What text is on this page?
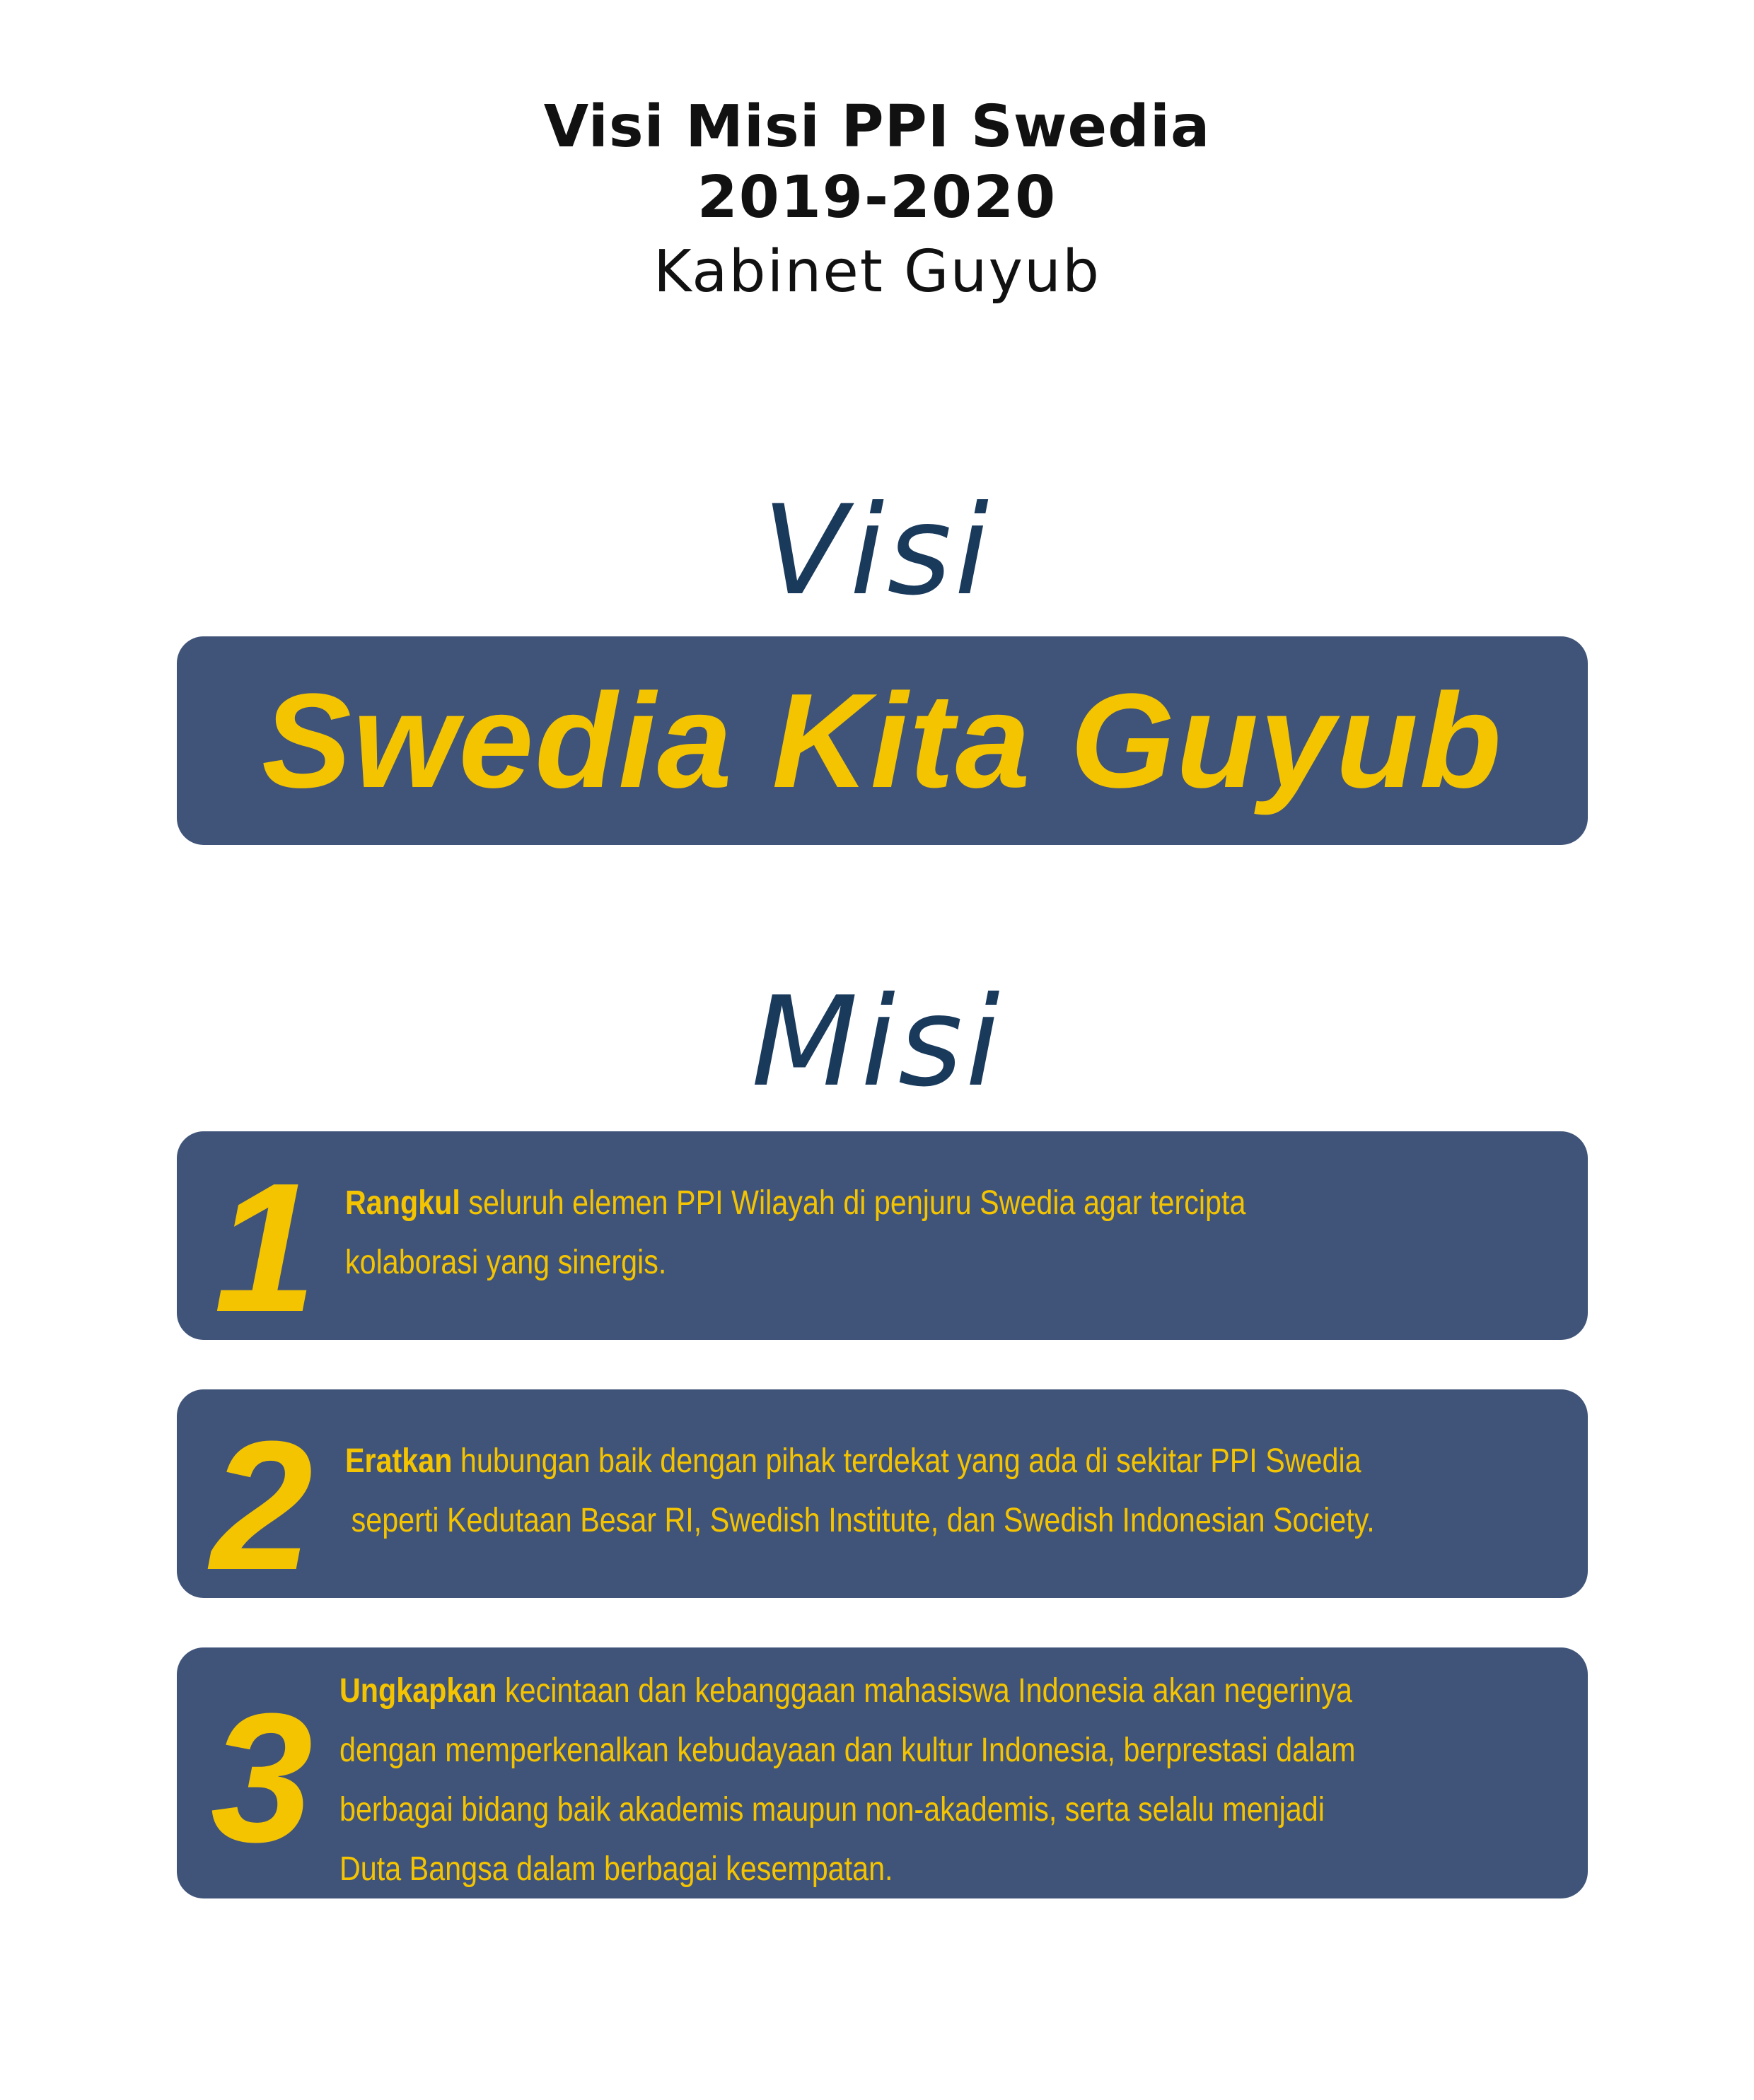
Visi Misi PPI Swedia
2019-2020
Kabinet Guyub
Visi
Swedia Kita Guyub
Misi
1 Rangkul seluruh elemen PPI Wilayah di penjuru Swedia agar tercipta
kolaborasi yang sinergis.
2 Eratkan hubungan baik dengan pihak terdekat yang ada di sekitar PPI Swedia
seperti Kedutaan Besar RI, Swedish Institute, dan Swedish Indonesian Society.
3 Ungkapkan kecintaan dan kebanggaan mahasiswa Indonesia akan negerinya
dengan memperkenalkan kebudayaan dan kultur Indonesia, berprestasi dalam
berbagai bidang baik akademis maupun non-akademis, serta selalu menjadi
Duta Bangsa dalam berbagai kesempatan.
